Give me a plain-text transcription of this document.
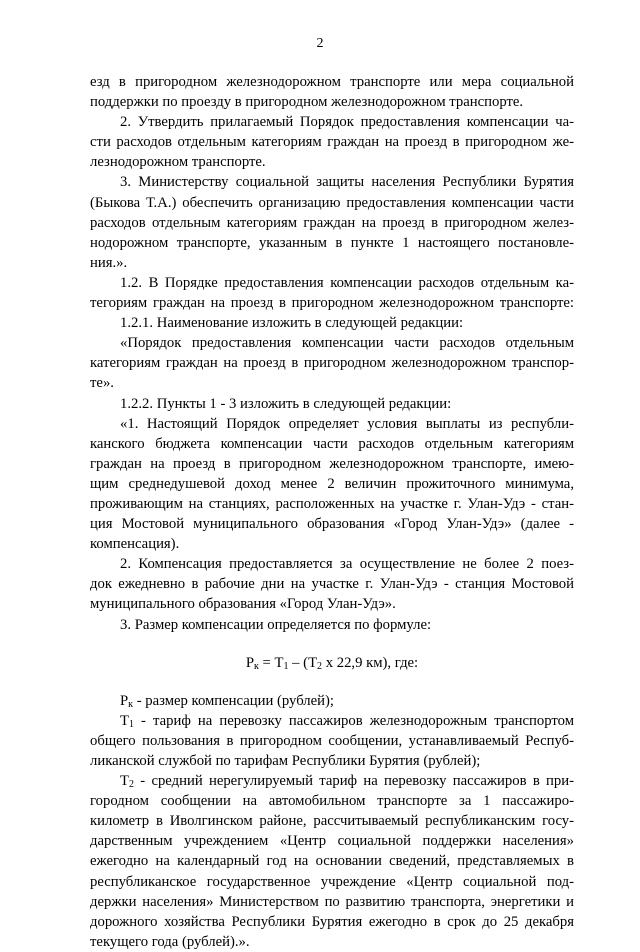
2
езд в пригородном железнодорожном транспорте или мера социальной
поддержки по проезду в пригородном железнодорожном транспорте.
2. Утвердить прилагаемый Порядок предоставления компенсации ча-
сти расходов отдельным категориям граждан на проезд в пригородном же-
лезнодорожном транспорте.
3. Министерству социальной защиты населения Республики Бурятия
(Быкова Т.А.) обеспечить организацию предоставления компенсации части
расходов отдельным категориям граждан на проезд в пригородном желез-
нодорожном транспорте, указанным в пункте 1 настоящего постановле-
ния.».
1.2. В Порядке предоставления компенсации расходов отдельным ка-
тегориям граждан на проезд в пригородном железнодорожном транспорте:
1.2.1. Наименование изложить в следующей редакции:
«Порядок предоставления компенсации части расходов отдельным
категориям граждан на проезд в пригородном железнодорожном транспор-
те».
1.2.2. Пункты 1 - 3 изложить в следующей редакции:
«1. Настоящий Порядок определяет условия выплаты из республи-
канского бюджета компенсации части расходов отдельным категориям
граждан на проезд в пригородном железнодорожном транспорте, имею-
щим среднедушевой доход менее 2 величин прожиточного минимума,
проживающим на станциях, расположенных на участке г. Улан-Удэ - стан-
ция Мостовой муниципального образования «Город Улан-Удэ» (далее -
компенсация).
2. Компенсация предоставляется за осуществление не более 2 поез-
док ежедневно в рабочие дни на участке г. Улан-Удэ - станция Мостовой
муниципального образования «Город Улан-Удэ».
3. Размер компенсации определяется по формуле:
$P_к = T_1 - (T_2$ x 22,9 км), где:
$P_к$ - размер компенсации (рублей);
$T_1$ - тариф на перевозку пассажиров железнодорожным транспортом
общего пользования в пригородном сообщении, устанавливаемый Респуб-
ликанской службой по тарифам Республики Бурятия (рублей);
$T_2$ - средний нерегулируемый тариф на перевозку пассажиров в при-
городном сообщении на автомобильном транспорте за 1 пассажиро-
километр в Иволгинском районе, рассчитываемый республиканским госу-
дарственным учреждением «Центр социальной поддержки населения»
ежегодно на календарный год на основании сведений, представляемых в
республиканское государственное учреждение «Центр социальной под-
держки населения» Министерством по развитию транспорта, энергетики и
дорожного хозяйства Республики Бурятия ежегодно в срок до 25 декабря
текущего года (рублей).».
